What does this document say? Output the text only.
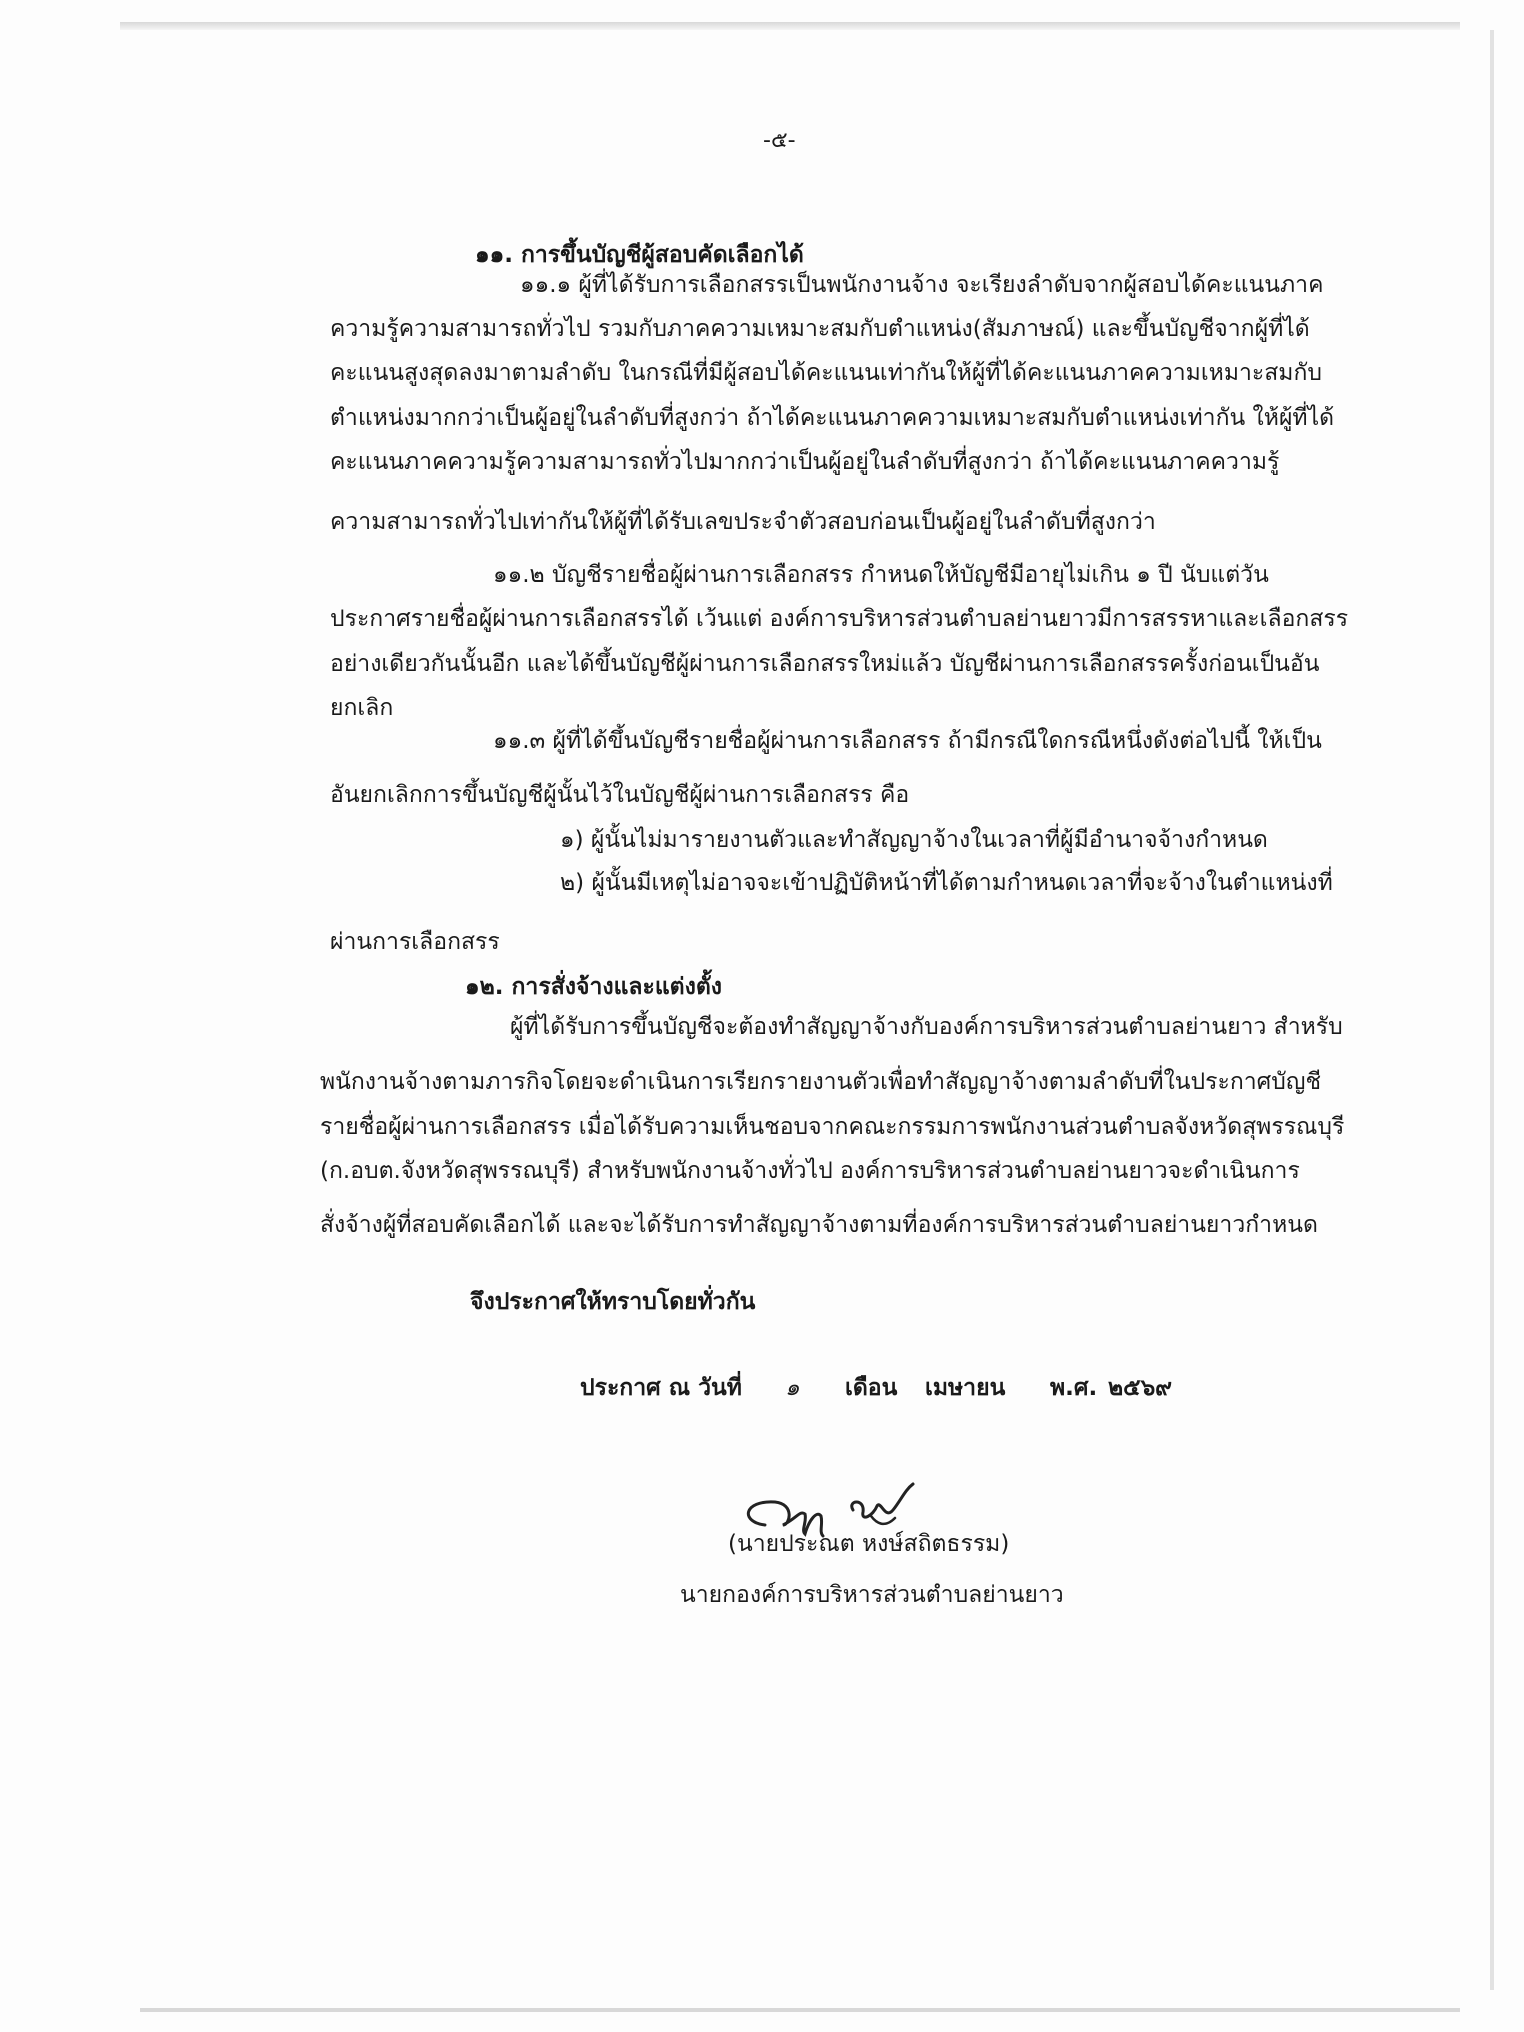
-๕-
๑๑. การขึ้นบัญชีผู้สอบคัดเลือกได้
๑๑.๑ ผู้ที่ได้รับการเลือกสรรเป็นพนักงานจ้าง จะเรียงลำดับจากผู้สอบได้คะแนนภาค
ความรู้ความสามารถทั่วไป รวมกับภาคความเหมาะสมกับตำแหน่ง(สัมภาษณ์) และขึ้นบัญชีจากผู้ที่ได้
คะแนนสูงสุดลงมาตามลำดับ ในกรณีที่มีผู้สอบได้คะแนนเท่ากันให้ผู้ที่ได้คะแนนภาคความเหมาะสมกับ
ตำแหน่งมากกว่าเป็นผู้อยู่ในลำดับที่สูงกว่า ถ้าได้คะแนนภาคความเหมาะสมกับตำแหน่งเท่ากัน ให้ผู้ที่ได้
คะแนนภาคความรู้ความสามารถทั่วไปมากกว่าเป็นผู้อยู่ในลำดับที่สูงกว่า ถ้าได้คะแนนภาคความรู้
ความสามารถทั่วไปเท่ากันให้ผู้ที่ได้รับเลขประจำตัวสอบก่อนเป็นผู้อยู่ในลำดับที่สูงกว่า
๑๑.๒ บัญชีรายชื่อผู้ผ่านการเลือกสรร กำหนดให้บัญชีมีอายุไม่เกิน ๑ ปี นับแต่วัน
ประกาศรายชื่อผู้ผ่านการเลือกสรรได้ เว้นแต่ องค์การบริหารส่วนตำบลย่านยาวมีการสรรหาและเลือกสรร
อย่างเดียวกันนั้นอีก และได้ขึ้นบัญชีผู้ผ่านการเลือกสรรใหม่แล้ว บัญชีผ่านการเลือกสรรครั้งก่อนเป็นอัน
ยกเลิก
๑๑.๓ ผู้ที่ได้ขึ้นบัญชีรายชื่อผู้ผ่านการเลือกสรร ถ้ามีกรณีใดกรณีหนึ่งดังต่อไปนี้ ให้เป็น
อันยกเลิกการขึ้นบัญชีผู้นั้นไว้ในบัญชีผู้ผ่านการเลือกสรร คือ
๑) ผู้นั้นไม่มารายงานตัวและทำสัญญาจ้างในเวลาที่ผู้มีอำนาจจ้างกำหนด
๒) ผู้นั้นมีเหตุไม่อาจจะเข้าปฏิบัติหน้าที่ได้ตามกำหนดเวลาที่จะจ้างในตำแหน่งที่
ผ่านการเลือกสรร
๑๒. การสั่งจ้างและแต่งตั้ง
ผู้ที่ได้รับการขึ้นบัญชีจะต้องทำสัญญาจ้างกับองค์การบริหารส่วนตำบลย่านยาว สำหรับ
พนักงานจ้างตามภารกิจโดยจะดำเนินการเรียกรายงานตัวเพื่อทำสัญญาจ้างตามลำดับที่ในประกาศบัญชี
รายชื่อผู้ผ่านการเลือกสรร เมื่อได้รับความเห็นชอบจากคณะกรรมการพนักงานส่วนตำบลจังหวัดสุพรรณบุรี
(ก.อบต.จังหวัดสุพรรณบุรี) สำหรับพนักงานจ้างทั่วไป องค์การบริหารส่วนตำบลย่านยาวจะดำเนินการ
สั่งจ้างผู้ที่สอบคัดเลือกได้ และจะได้รับการทำสัญญาจ้างตามที่องค์การบริหารส่วนตำบลย่านยาวกำหนด
จึงประกาศให้ทราบโดยทั่วกัน
ประกาศ ณ วันที่ ๑ เดือน เมษายน พ.ศ. ๒๕๖๙
(นายประณต หงษ์สถิตธรรม)
นายกองค์การบริหารส่วนตำบลย่านยาว
